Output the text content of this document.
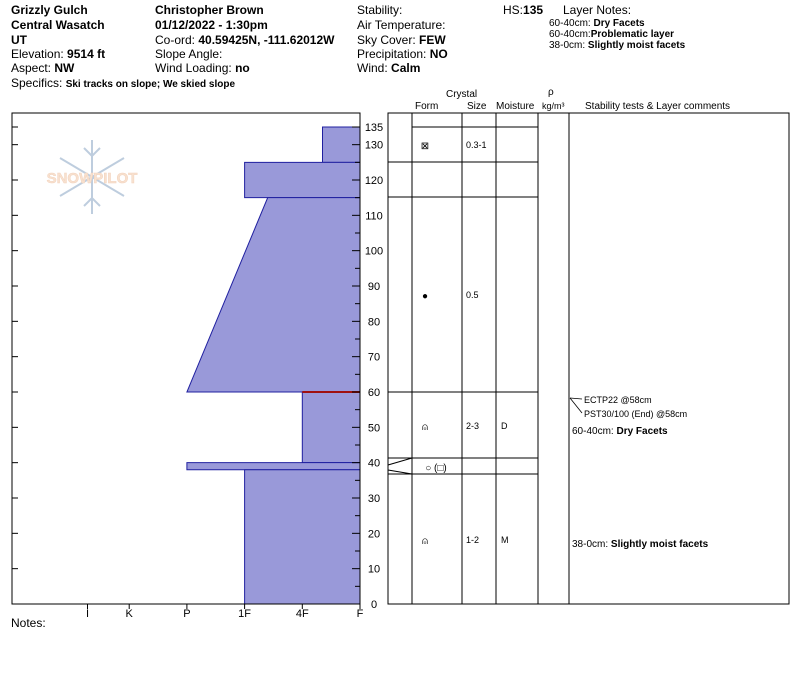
Grizzly Gulch
Central Wasatch
UT
Elevation: 9514 ft
Aspect: NW
Specifics: Ski tracks on slope; We skied slope
Christopher Brown
01/12/2022 - 1:30pm
Co-ord: 40.59425N, -111.62012W
Slope Angle:
Wind Loading: no
Stability:
Air Temperature:
Sky Cover: FEW
Precipitation: NO
Wind: Calm
HS:135 Layer Notes:
60-40cm: Dry Facets
60-40cm:Problematic layer
38-0cm: Slightly moist facets
Crystal
Form	Size Moisture
ρ
kg/m³ Stability tests & Layer comments
Notes:
SNOWPILOT
135
130
120
110
100
90
80
70
60
50
40
30
20
10
0
I	K	P	1F	4F	F
⊠	0.3-1
●	0.5
⍝	2-3 D
○ (□)
⍝	1-2 M
ECTP22 @58cm
PST30/100 (End) @58cm
60-40cm: Dry Facets
38-0cm: Slightly moist facets
